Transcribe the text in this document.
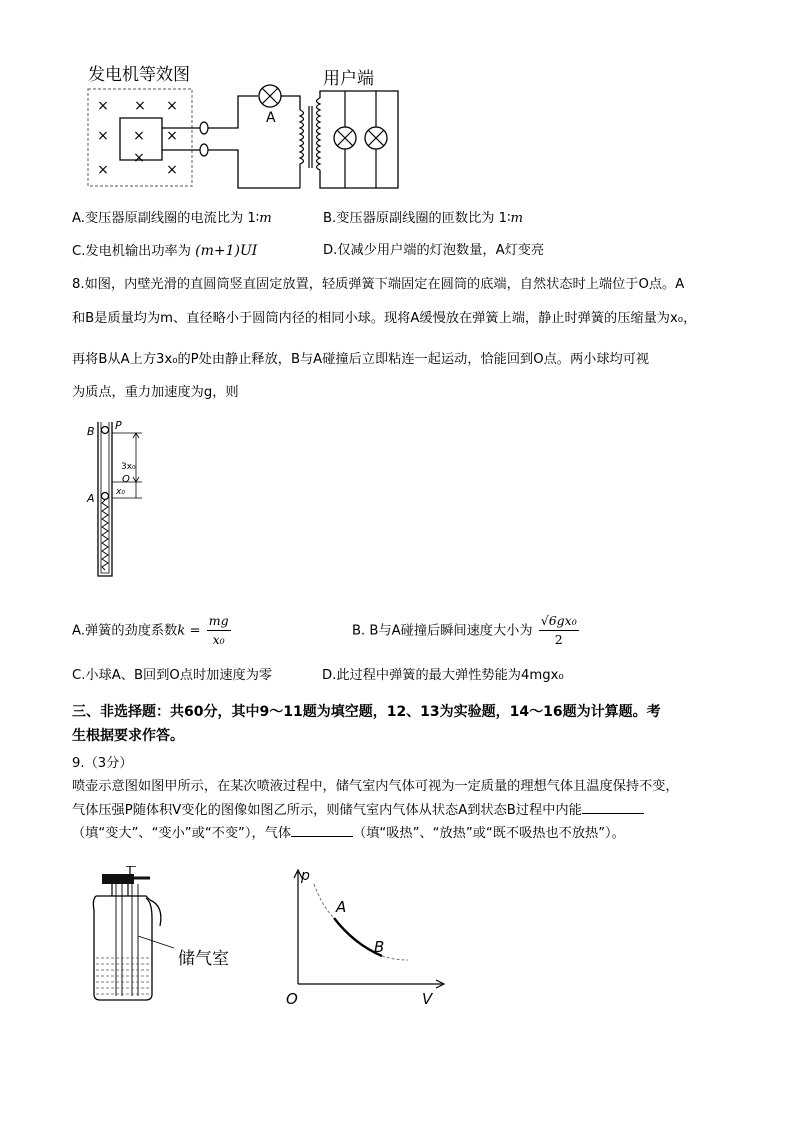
发电机等效图
× × ×
× × ×
×
×	×
A
用户端
A.变压器原副线圈的电流比为 1∶m	B.变压器原副线圈的匝数比为 1∶m
C.发电机输出功率为 (m+1)UI	D.仅减少用户端的灯泡数量，A灯变亮
8.如图，内壁光滑的直圆筒竖直固定放置，轻质弹簧下端固定在圆筒的底端，自然状态时上端位于O点。A
和B是质量均为m、直径略小于圆筒内径的相同小球。现将A缓慢放在弹簧上端，静止时弹簧的压缩量为x₀，
再将B从A上方3x₀的P处由静止释放，B与A碰撞后立即粘连一起运动，恰能回到O点。两小球均可视
为质点，重力加速度为g，则
B P
A
3x₀
O
x₀
A.弹簧的劲度系数$k = \frac{mg}{\text{x₀}}$	B. B与A碰撞后瞬间速度大小为 $\frac{\text{√6gx₀}}{2}$
C.小球A、B回到O点时加速度为零	D.此过程中弹簧的最大弹性势能为4mgx₀
三、非选择题：共60分，其中9～11题为填空题，12、13为实验题，14～16题为计算题。考
生根据要求作答。
9.（3分）
喷壶示意图如图甲所示，在某次喷液过程中，储气室内气体可视为一定质量的理想气体且温度保持不变，
气体压强P随体积V变化的图像如图乙所示，则储气室内气体从状态A到状态B过程中内能
（填“变大”、“变小”或“不变”），气体	（填“吸热”、“放热”或“既不吸热也不放热”）。
储气室
p
A
B
O	V
